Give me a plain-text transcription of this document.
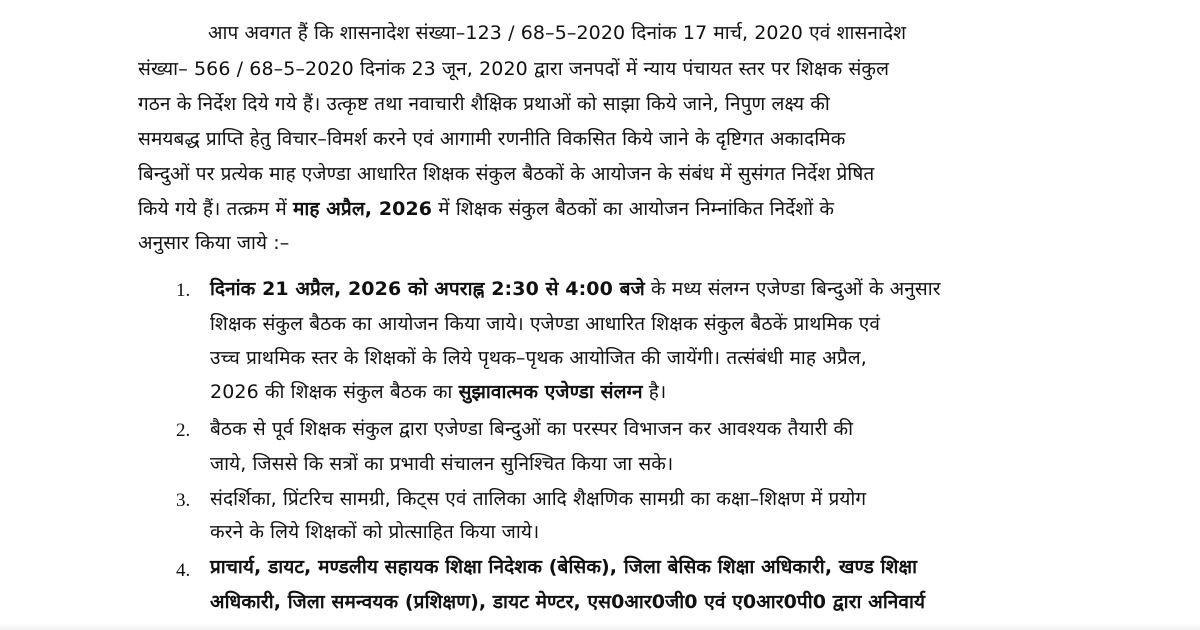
आप अवगत हैं कि शासनादेश संख्या–123 / 68–5–2020 दिनांक 17 मार्च, 2020 एवं शासनादेश
संख्या– 566 / 68–5–2020 दिनांक 23 जून, 2020 द्वारा जनपदों में न्याय पंचायत स्तर पर शिक्षक संकुल
गठन के निर्देश दिये गये हैं। उत्कृष्ट तथा नवाचारी शैक्षिक प्रथाओं को साझा किये जाने, निपुण लक्ष्य की
समयबद्ध प्राप्ति हेतु विचार–विमर्श करने एवं आगामी रणनीति विकसित किये जाने के दृष्टिगत अकादमिक
बिन्दुओं पर प्रत्येक माह एजेण्डा आधारित शिक्षक संकुल बैठकों के आयोजन के संबंध में सुसंगत निर्देश प्रेषित
किये गये हैं। तत्क्रम में माह अप्रैल, 2026 में शिक्षक संकुल बैठकों का आयोजन निम्नांकित निर्देशों के
अनुसार किया जाये :–
1. दिनांक 21 अप्रैल, 2026 को अपराह्न 2:30 से 4:00 बजे के मध्य संलग्न एजेण्डा बिन्दुओं के अनुसार
शिक्षक संकुल बैठक का आयोजन किया जाये। एजेण्डा आधारित शिक्षक संकुल बैठकें प्राथमिक एवं
उच्च प्राथमिक स्तर के शिक्षकों के लिये पृथक–पृथक आयोजित की जायेंगी। तत्संबंधी माह अप्रैल,
2026 की शिक्षक संकुल बैठक का सुझावात्मक एजेण्डा संलग्न है।
2. बैठक से पूर्व शिक्षक संकुल द्वारा एजेण्डा बिन्दुओं का परस्पर विभाजन कर आवश्यक तैयारी की
जाये, जिससे कि सत्रों का प्रभावी संचालन सुनिश्चित किया जा सके।
3. संदर्शिका, प्रिंटरिच सामग्री, किट्स एवं तालिका आदि शैक्षणिक सामग्री का कक्षा–शिक्षण में प्रयोग
करने के लिये शिक्षकों को प्रोत्साहित किया जाये।
4. प्राचार्य, डायट, मण्डलीय सहायक शिक्षा निदेशक (बेसिक), जिला बेसिक शिक्षा अधिकारी, खण्ड शिक्षा
अधिकारी, जिला समन्वयक (प्रशिक्षण), डायट मेण्टर, एस0आर0जी0 एवं ए0आर0पी0 द्वारा अनिवार्य
